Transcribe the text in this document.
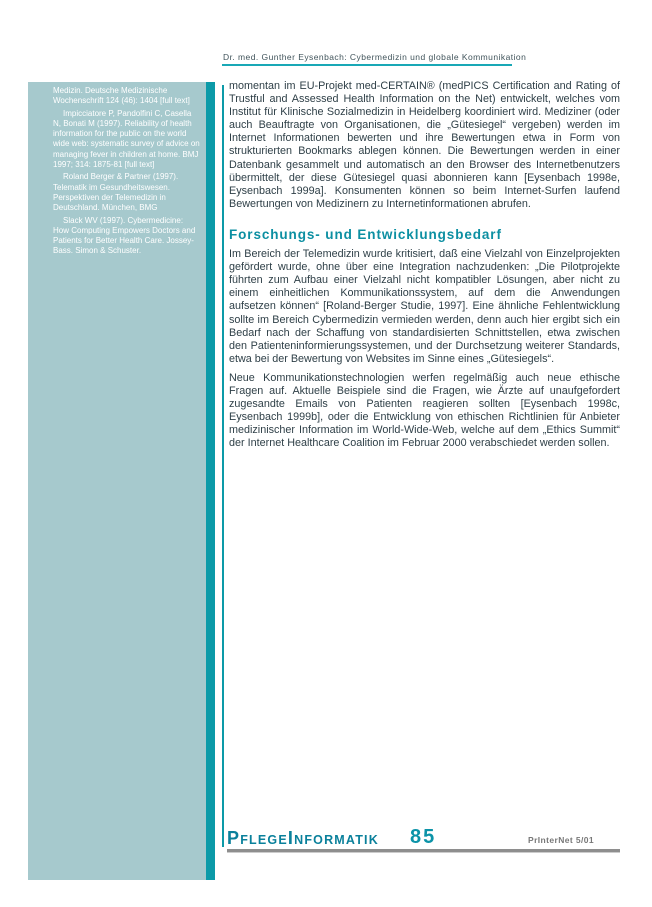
Dr. med. Gunther Eysenbach: Cybermedizin und globale Kommunikation

Medizin. Deutsche Medizinische Wochenschrift 124 (46): 1404 [full text]

Impicciatore P, Pandolfini C, Casella N, Bonati M (1997). Reliability of health information for the public on the world wide web: systematic survey of advice on managing fever in children at home. BMJ 1997; 314: 1875-81 [full text]

Roland Berger & Partner (1997). Telematik im Gesundheitswesen. Perspektiven der Telemedizin in Deutschland. München, BMG

Slack WV (1997). Cybermedicine: How Computing Empowers Doctors and Patients for Better Health Care. Jossey-Bass. Simon & Schuster.

momentan im EU-Projekt med-CERTAIN® (medPICS Certification and Rating of Trustful and Assessed Health Information on the Net) entwickelt, welches vom Institut für Klinische Sozialmedizin in Heidelberg koordiniert wird. Mediziner (oder auch Beauftragte von Organisationen, die „Gütesiegel“ vergeben) werden im Internet Informationen bewerten und ihre Bewertungen etwa in Form von strukturierten Bookmarks ablegen können. Die Bewertungen werden in einer Datenbank gesammelt und automatisch an den Browser des Internetbenutzers übermittelt, der diese Gütesiegel quasi abonnieren kann [Eysenbach 1998e, Eysenbach 1999a]. Konsumenten können so beim Internet-Surfen laufend Bewertungen von Medizinern zu Internetinformationen abrufen.

Forschungs- und Entwicklungsbedarf

Im Bereich der Telemedizin wurde kritisiert, daß eine Vielzahl von Einzelprojekten gefördert wurde, ohne über eine Integration nachzudenken: „Die Pilotprojekte führten zum Aufbau einer Vielzahl nicht kompatibler Lösungen, aber nicht zu einem einheitlichen Kommunikationssystem, auf dem die Anwendungen aufsetzen können“ [Roland-Berger Studie, 1997]. Eine ähnliche Fehlentwicklung sollte im Bereich Cybermedizin vermieden werden, denn auch hier ergibt sich ein Bedarf nach der Schaffung von standardisierten Schnittstellen, etwa zwischen den Patienteninformierungssystemen, und der Durchsetzung weiterer Standards, etwa bei der Bewertung von Websites im Sinne eines „Gütesiegels“.

Neue Kommunikationstechnologien werfen regelmäßig auch neue ethische Fragen auf. Aktuelle Beispiele sind die Fragen, wie Ärzte auf unaufgefordert zugesandte Emails von Patienten reagieren sollten [Eysenbach 1998c, Eysenbach 1999b], oder die Entwicklung von ethischen Richtlinien für Anbieter medizinischer Information im World-Wide-Web, welche auf dem „Ethics Summit“ der Internet Healthcare Coalition im Februar 2000 verabschiedet werden sollen.

PFLEGEINFORMATIK 85	PrInterNet 5/01
